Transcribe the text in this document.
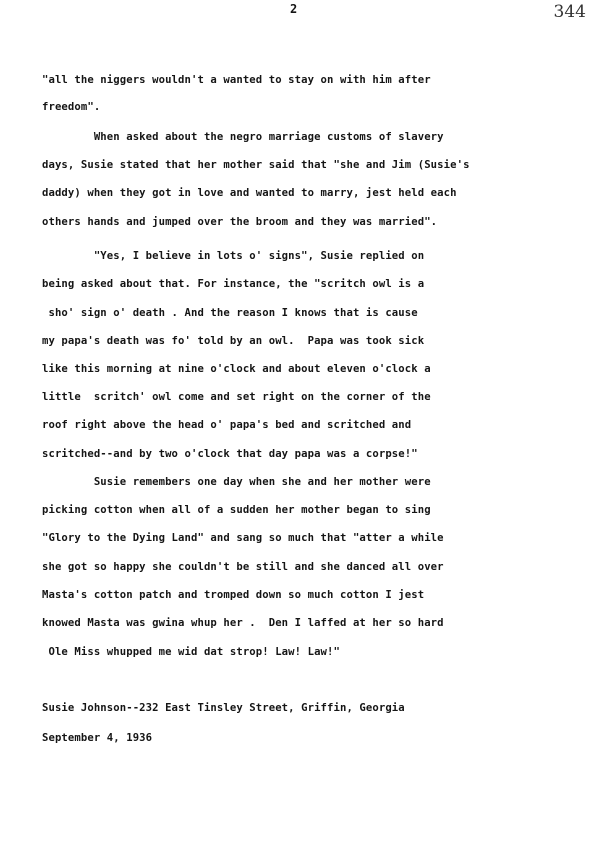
2	344
"all the niggers wouldn't a wanted to stay on with him after
freedom".
When asked about the negro marriage customs of slavery
days, Susie stated that her mother said that "she and Jim (Susie's
daddy) when they got in love and wanted to marry, jest held each
others hands and jumped over the broom and they was married".
"Yes, I believe in lots o' signs", Susie replied on
being asked about that. For instance, the "scritch owl is a
sho' sign o' death . And the reason I knows that is cause
my papa's death was fo' told by an owl.  Papa was took sick
like this morning at nine o'clock and about eleven o'clock a
little  scritch' owl come and set right on the corner of the
roof right above the head o' papa's bed and scritched and
scritched--and by two o'clock that day papa was a corpse!"
Susie remembers one day when she and her mother were
picking cotton when all of a sudden her mother began to sing
"Glory to the Dying Land" and sang so much that "atter a while
she got so happy she couldn't be still and she danced all over
Masta's cotton patch and tromped down so much cotton I jest
knowed Masta was gwina whup her .  Den I laffed at her so hard
Ole Miss whupped me wid dat strop! Law! Law!"
Susie Johnson--232 East Tinsley Street, Griffin, Georgia
September 4, 1936
